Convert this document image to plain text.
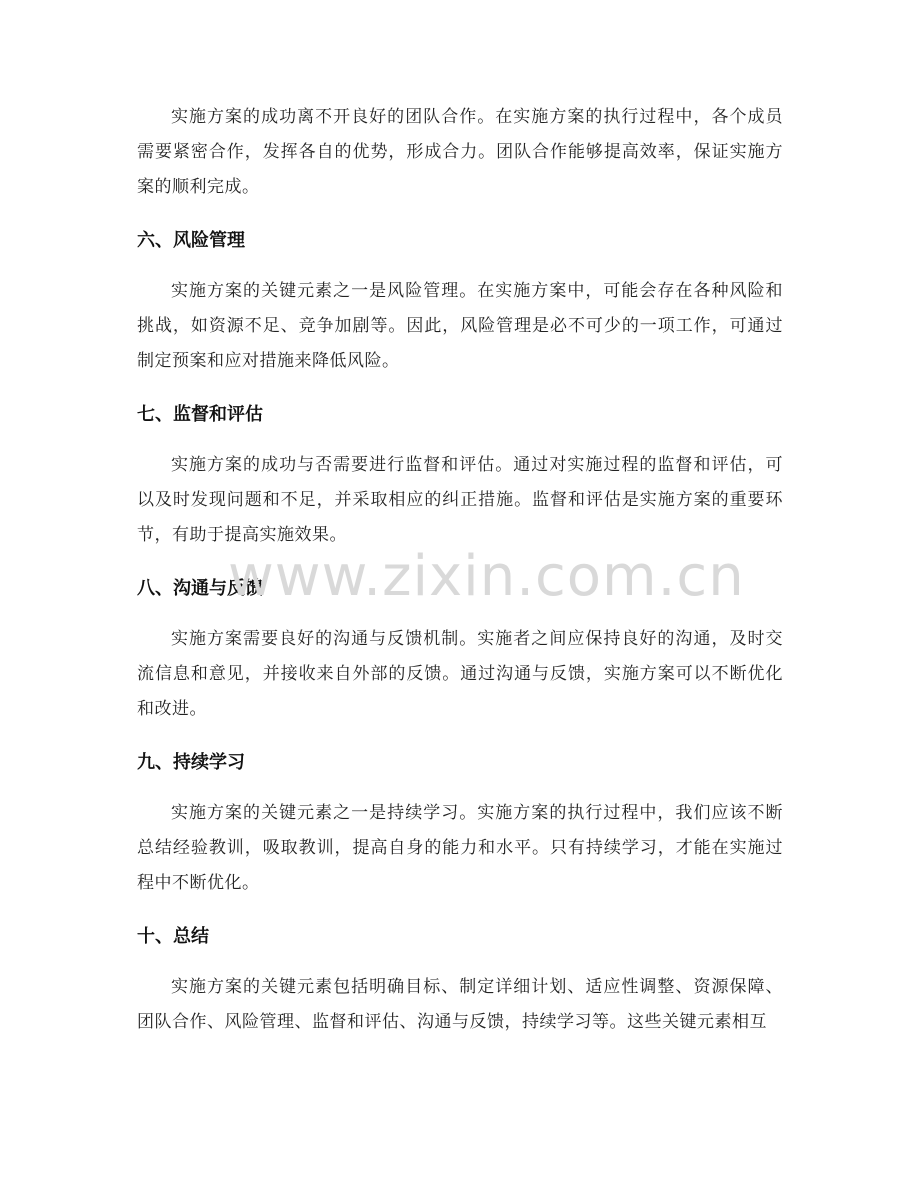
实施方案的成功离不开良好的团队合作。在实施方案的执行过程中，各个成员需要紧密合作，发挥各自的优势，形成合力。团队合作能够提高效率，保证实施方案的顺利完成。

六、风险管理

实施方案的关键元素之一是风险管理。在实施方案中，可能会存在各种风险和挑战，如资源不足、竞争加剧等。因此，风险管理是必不可少的一项工作，可通过制定预案和应对措施来降低风险。

七、监督和评估

实施方案的成功与否需要进行监督和评估。通过对实施过程的监督和评估，可以及时发现问题和不足，并采取相应的纠正措施。监督和评估是实施方案的重要环节，有助于提高实施效果。

八、沟通与反馈

实施方案需要良好的沟通与反馈机制。实施者之间应保持良好的沟通，及时交流信息和意见，并接收来自外部的反馈。通过沟通与反馈，实施方案可以不断优化和改进。

九、持续学习

实施方案的关键元素之一是持续学习。实施方案的执行过程中，我们应该不断总结经验教训，吸取教训，提高自身的能力和水平。只有持续学习，才能在实施过程中不断优化。

十、总结

实施方案的关键元素包括明确目标、制定详细计划、适应性调整、资源保障、团队合作、风险管理、监督和评估、沟通与反馈，持续学习等。这些关键元素相互

www.zixin.com.cn
